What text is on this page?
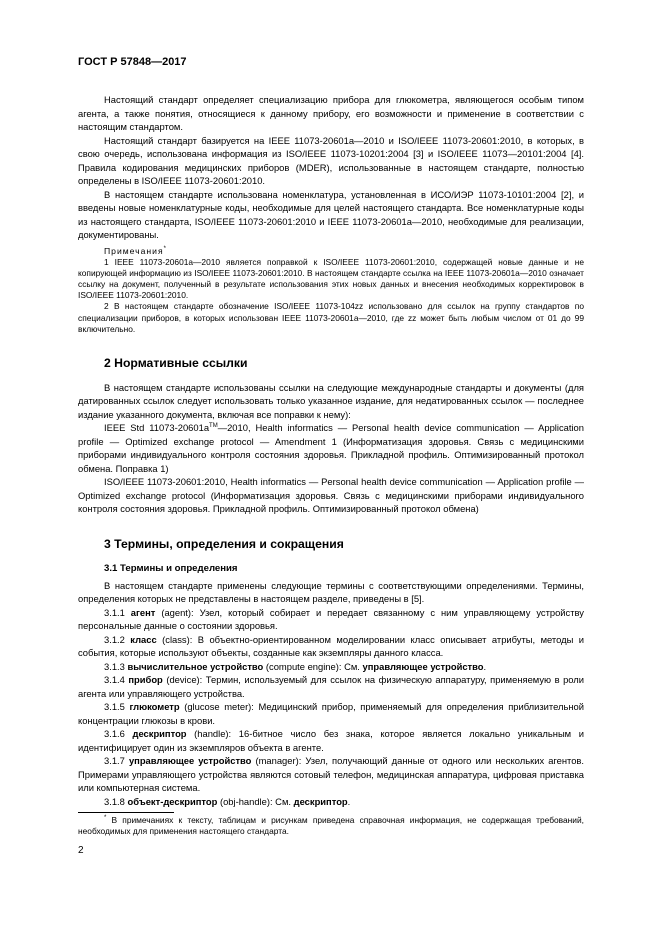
ГОСТ Р 57848—2017

Настоящий стандарт определяет специализацию прибора для глюкометра, являющегося особым типом агента, а также понятия, относящиеся к данному прибору, его возможности и применение в соответствии с настоящим стандартом.

Настоящий стандарт базируется на IEEE 11073-20601a—2010 и ISO/IEEE 11073-20601:2010, в которых, в свою очередь, использована информация из ISO/IEEE 11073-10201:2004 [3] и ISO/IEEE 11073—20101:2004 [4]. Правила кодирования медицинских приборов (MDER), использованные в настоящем стандарте, полностью определены в ISO/IEEE 11073-20601:2010.

В настоящем стандарте использована номенклатура, установленная в ИСО/ИЭР 11073-10101:2004 [2], и введены новые номенклатурные коды, необходимые для целей настоящего стандарта. Все номенклатурные коды из настоящего стандарта, ISO/IEEE 11073-20601:2010 и IEEE 11073-20601a—2010, необходимые для реализации, документированы.

Примечания*

1 IEEE 11073-20601a—2010 является поправкой к ISO/IEEE 11073-20601:2010, содержащей новые данные и не копирующей информацию из ISO/IEEE 11073-20601:2010. В настоящем стандарте ссылка на IEEE 11073-20601a—2010 означает ссылку на документ, полученный в результате использования этих новых данных и внесения необходимых корректировок в ISO/IEEE 11073-20601:2010.

2 В настоящем стандарте обозначение ISO/IEEE 11073-104zz использовано для ссылок на группу стандартов по специализации приборов, в которых использован IEEE 11073-20601a—2010, где zz может быть любым числом от 01 до 99 включительно.

2 Нормативные ссылки

В настоящем стандарте использованы ссылки на следующие международные стандарты и документы (для датированных ссылок следует использовать только указанное издание, для недатированных ссылок — последнее издание указанного документа, включая все поправки к нему):

IEEE Std 11073-20601a™—2010, Health informatics — Personal health device communication — Application profile — Optimized exchange protocol — Amendment 1 (Информатизация здоровья. Связь с медицинскими приборами индивидуального контроля состояния здоровья. Прикладной профиль. Оптимизированный протокол обмена. Поправка 1)

ISO/IEEE 11073-20601:2010, Health informatics — Personal health device communication — Application profile — Optimized exchange protocol (Информатизация здоровья. Связь с медицинскими приборами индивидуального контроля состояния здоровья. Прикладной профиль. Оптимизированный протокол обмена)

3 Термины, определения и сокращения
3.1 Термины и определения

В настоящем стандарте применены следующие термины с соответствующими определениями. Термины, определения которых не представлены в настоящем разделе, приведены в [5].

3.1.1 агент (agent): Узел, который собирает и передает связанному с ним управляющему устройству персональные данные о состоянии здоровья.

3.1.2 класс (class): В объектно-ориентированном моделировании класс описывает атрибуты, методы и события, которые используют объекты, созданные как экземпляры данного класса.

3.1.3 вычислительное устройство (compute engine): См. управляющее устройство.

3.1.4 прибор (device): Термин, используемый для ссылок на физическую аппаратуру, применяемую в роли агента или управляющего устройства.

3.1.5 глюкометр (glucose meter): Медицинский прибор, применяемый для определения приблизительной концентрации глюкозы в крови.

3.1.6 дескриптор (handle): 16-битное число без знака, которое является локально уникальным и идентифицирует один из экземпляров объекта в агенте.

3.1.7 управляющее устройство (manager): Узел, получающий данные от одного или нескольких агентов. Примерами управляющего устройства являются сотовый телефон, медицинская аппаратура, цифровая приставка или компьютерная система.

3.1.8 объект-дескриптор (obj-handle): См. дескриптор.

* В примечаниях к тексту, таблицам и рисункам приведена справочная информация, не содержащая требований, необходимых для применения настоящего стандарта.

2
